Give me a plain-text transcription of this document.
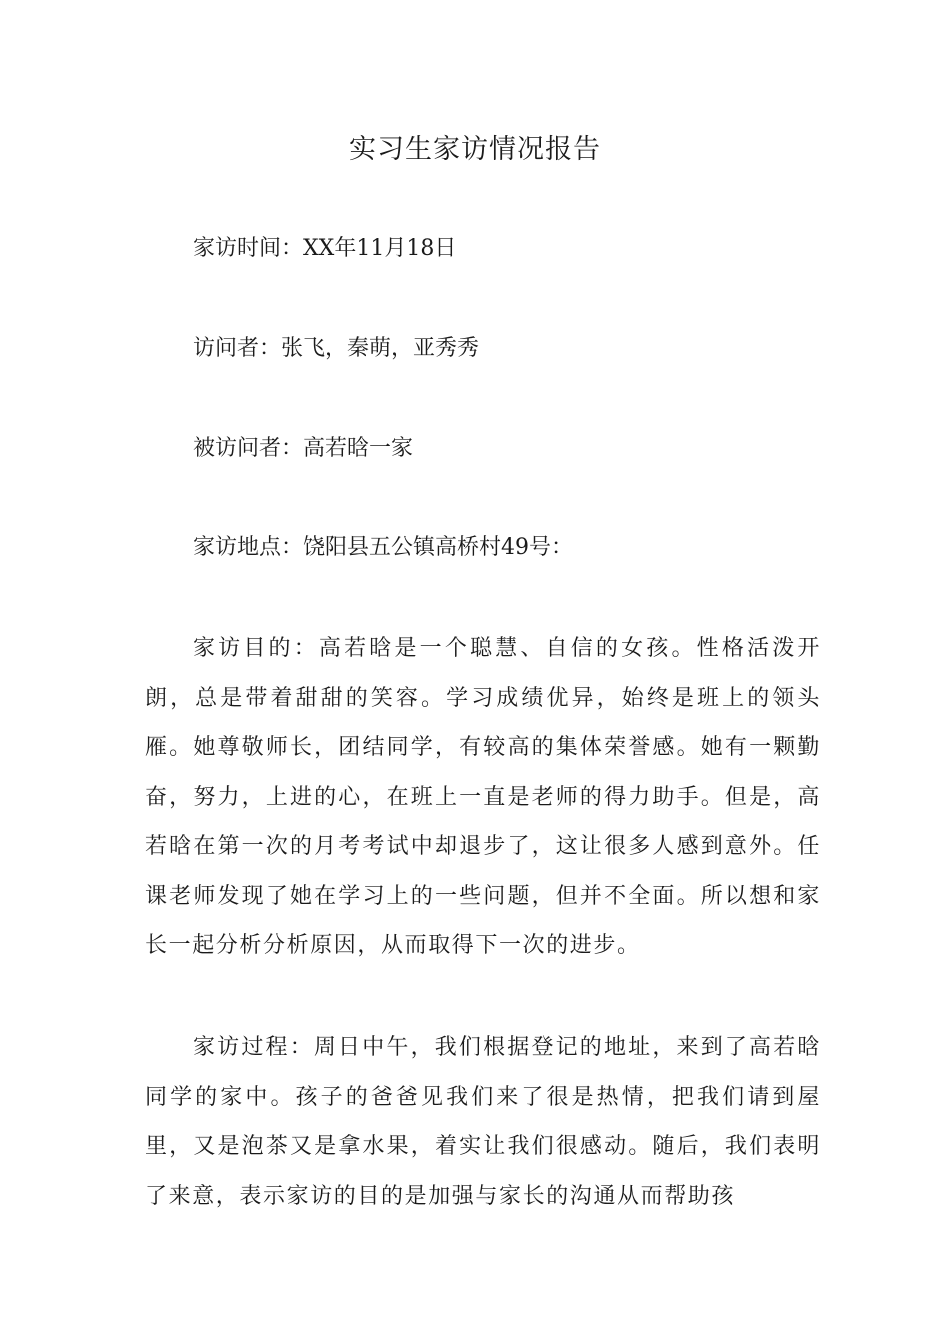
实习生家访情况报告

家访时间：XX年11月18日

访问者：张飞，秦萌，亚秀秀

被访问者：高若晗一家

家访地点：饶阳县五公镇高桥村49号：

家访目的：高若晗是一个聪慧、自信的女孩。性格活泼开朗，总是带着甜甜的笑容。学习成绩优异，始终是班上的领头雁。她尊敬师长，团结同学，有较高的集体荣誉感。她有一颗勤奋，努力，上进的心，在班上一直是老师的得力助手。但是，高若晗在第一次的月考考试中却退步了，这让很多人感到意外。任课老师发现了她在学习上的一些问题，但并不全面。所以想和家长一起分析分析原因，从而取得下一次的进步。

家访过程：周日中午，我们根据登记的地址，来到了高若晗同学的家中。孩子的爸爸见我们来了很是热情，把我们请到屋里，又是泡茶又是拿水果，着实让我们很感动。随后，我们表明了来意，表示家访的目的是加强与家长的沟通从而帮助孩
